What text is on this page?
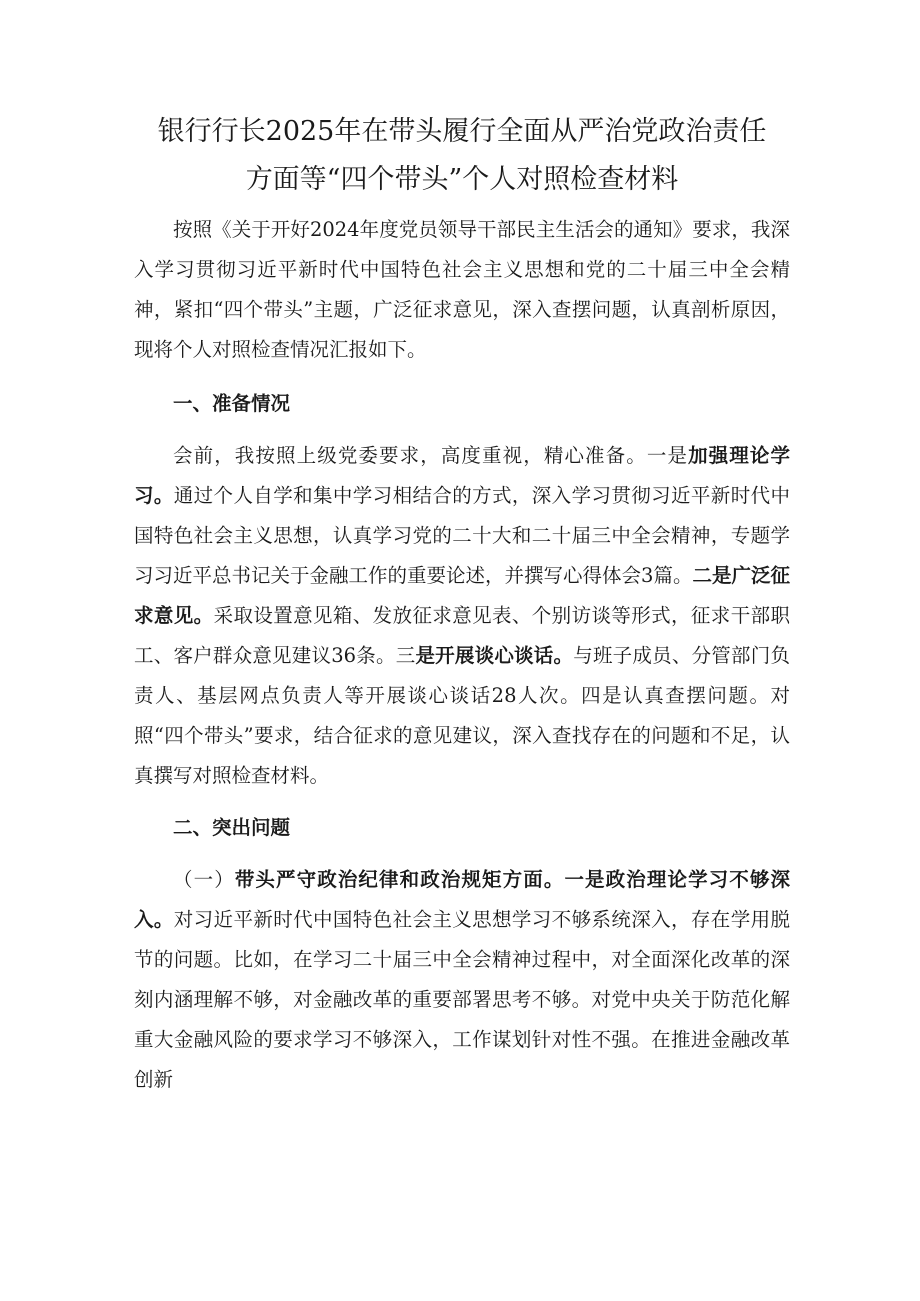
银行行长2025年在带头履行全面从严治党政治责任
方面等“四个带头”个人对照检查材料

按照《关于开好2024年度党员领导干部民主生活会的通知》要求，我深入学习贯彻习近平新时代中国特色社会主义思想和党的二十届三中全会精神，紧扣“四个带头”主题，广泛征求意见，深入查摆问题，认真剖析原因，现将个人对照检查情况汇报如下。

一、准备情况

会前，我按照上级党委要求，高度重视，精心准备。一是加强理论学习。通过个人自学和集中学习相结合的方式，深入学习贯彻习近平新时代中国特色社会主义思想，认真学习党的二十大和二十届三中全会精神，专题学习习近平总书记关于金融工作的重要论述，并撰写心得体会3篇。二是广泛征求意见。采取设置意见箱、发放征求意见表、个别访谈等形式，征求干部职工、客户群众意见建议36条。三是开展谈心谈话。与班子成员、分管部门负责人、基层网点负责人等开展谈心谈话28人次。四是认真查摆问题。对照“四个带头”要求，结合征求的意见建议，深入查找存在的问题和不足，认真撰写对照检查材料。

二、突出问题

（一）带头严守政治纪律和政治规矩方面。一是政治理论学习不够深入。对习近平新时代中国特色社会主义思想学习不够系统深入，存在学用脱节的问题。比如，在学习二十届三中全会精神过程中，对全面深化改革的深刻内涵理解不够，对金融改革的重要部署思考不够。对党中央关于防范化解重大金融风险的要求学习不够深入，工作谋划针对性不强。在推进金融改革创新
